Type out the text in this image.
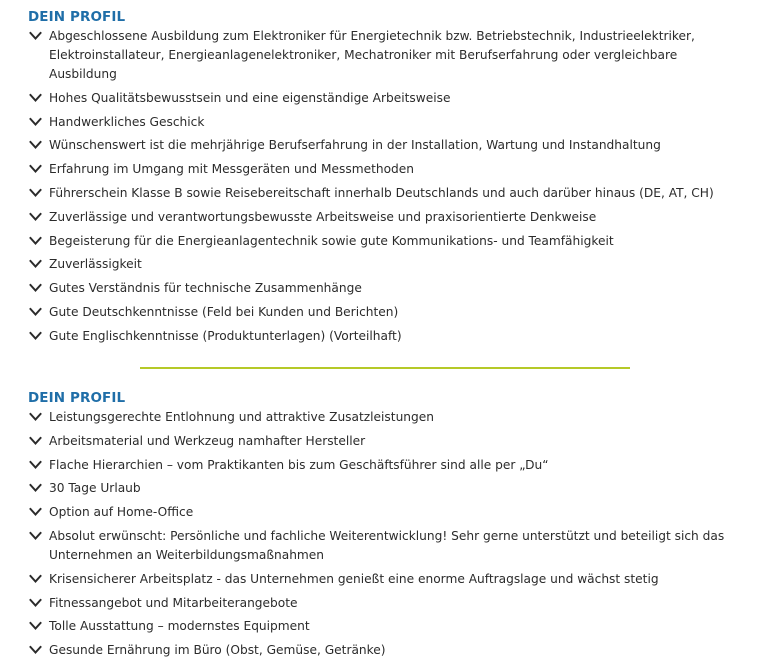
DEIN PROFIL
Abgeschlossene Ausbildung zum Elektroniker für Energietechnik bzw. Betriebstechnik, Industrieelektriker, Elektroinstallateur, Energieanlagenelektroniker, Mechatroniker mit Berufserfahrung oder vergleichbare Ausbildung
Hohes Qualitätsbewusstsein und eine eigenständige Arbeitsweise
Handwerkliches Geschick
Wünschenswert ist die mehrjährige Berufserfahrung in der Installation, Wartung und Instandhaltung
Erfahrung im Umgang mit Messgeräten und Messmethoden
Führerschein Klasse B sowie Reisebereitschaft innerhalb Deutschlands und auch darüber hinaus (DE, AT, CH)
Zuverlässige und verantwortungsbewusste Arbeitsweise und praxisorientierte Denkweise
Begeisterung für die Energieanlagentechnik sowie gute Kommunikations- und Teamfähigkeit
Zuverlässigkeit
Gutes Verständnis für technische Zusammenhänge
Gute Deutschkenntnisse (Feld bei Kunden und Berichten)
Gute Englischkenntnisse (Produktunterlagen) (Vorteilhaft)
DEIN PROFIL
Leistungsgerechte Entlohnung und attraktive Zusatzleistungen
Arbeitsmaterial und Werkzeug namhafter Hersteller
Flache Hierarchien – vom Praktikanten bis zum Geschäftsführer sind alle per „Du“
30 Tage Urlaub
Option auf Home-Office
Absolut erwünscht: Persönliche und fachliche Weiterentwicklung! Sehr gerne unterstützt und beteiligt sich das Unternehmen an Weiterbildungsmaßnahmen
Krisensicherer Arbeitsplatz - das Unternehmen genießt eine enorme Auftragslage und wächst stetig
Fitnessangebot und Mitarbeiterangebote
Tolle Ausstattung – modernstes Equipment
Gesunde Ernährung im Büro (Obst, Gemüse, Getränke)
